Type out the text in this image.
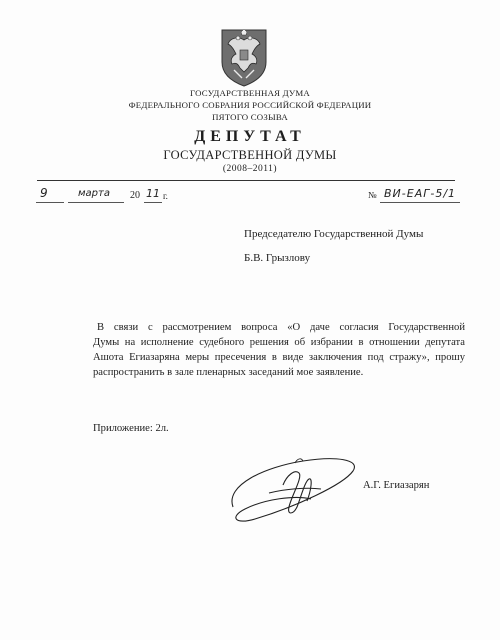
ГОСУДАРСТВЕННАЯ ДУМА
ФЕДЕРАЛЬНОГО СОБРАНИЯ РОССИЙСКОЙ ФЕДЕРАЦИИ
ПЯТОГО СОЗЫВА
ДЕПУТАТ
ГОСУДАРСТВЕННОЙ ДУМЫ
(2008–2011)
9	марта 20 11 г.	№ ВИ-ЕАГ-5/1
Председателю Государственной Думы
Б.В. Грызлову
В связи с рассмотрением вопроса «О даче согласия Государственной
Думы на исполнение судебного решения об избрании в отношении депутата
Ашота Егиазаряна меры пресечения в виде заключения под стражу», прошу
распространить в зале пленарных заседаний мое заявление.
Приложение: 2л.
А.Г. Егиазарян
